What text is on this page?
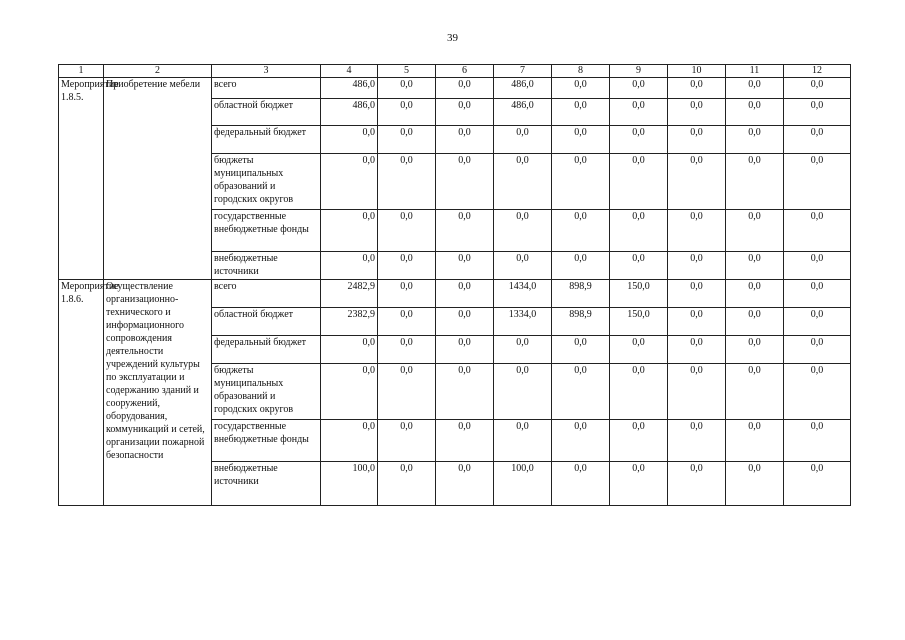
39
1	2	3	4	5	6	7	8	9	10	11	12
Мероприятие 1.8.5.	Приобретение мебели	всего	486,0	0,0	0,0	486,0	0,0	0,0	0,0	0,0	0,0
		областной бюджет	486,0	0,0	0,0	486,0	0,0	0,0	0,0	0,0	0,0
		федеральный бюджет	0,0	0,0	0,0	0,0	0,0	0,0	0,0	0,0	0,0
		бюджеты муниципальных образований и городских округов	0,0	0,0	0,0	0,0	0,0	0,0	0,0	0,0	0,0
		государственные внебюджетные фонды	0,0	0,0	0,0	0,0	0,0	0,0	0,0	0,0	0,0
		внебюджетные источники	0,0	0,0	0,0	0,0	0,0	0,0	0,0	0,0	0,0
Мероприятие 1.8.6.	Осуществление организационно-технического и информационного сопровождения деятельности учреждений культуры по эксплуатации и содержанию зданий и сооружений, оборудования, коммуникаций и сетей, организации пожарной безопасности	всего	2482,9	0,0	0,0	1434,0	898,9	150,0	0,0	0,0	0,0
		областной бюджет	2382,9	0,0	0,0	1334,0	898,9	150,0	0,0	0,0	0,0
		федеральный бюджет	0,0	0,0	0,0	0,0	0,0	0,0	0,0	0,0	0,0
		бюджеты муниципальных образований и городских округов	0,0	0,0	0,0	0,0	0,0	0,0	0,0	0,0	0,0
		государственные внебюджетные фонды	0,0	0,0	0,0	0,0	0,0	0,0	0,0	0,0	0,0
		внебюджетные источники	100,0	0,0	0,0	100,0	0,0	0,0	0,0	0,0	0,0
